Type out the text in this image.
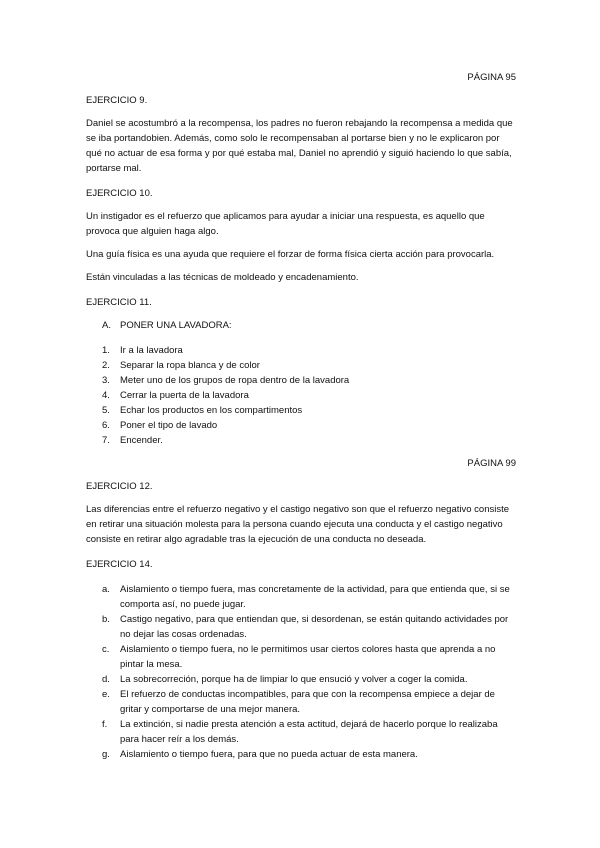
PÁGINA 95

EJERCICIO 9.

Daniel se acostumbró a la recompensa, los padres no fueron rebajando la recompensa a medida que se iba portandobien. Además, como solo le recompensaban al portarse bien y no le explicaron por qué no actuar de esa forma y por qué estaba mal, Daniel no aprendió y siguió haciendo lo que sabía, portarse mal.

EJERCICIO 10.

Un instigador es el refuerzo que aplicamos para ayudar a iniciar una respuesta, es aquello que provoca que alguien haga algo.

Una guía física es una ayuda que requiere el forzar de forma física cierta acción para provocarla.

Están vinculadas a las técnicas de moldeado y encadenamiento.

EJERCICIO 11.

A. PONER UNA LAVADORA:
1.	Ir a la lavadora
2.	Separar la ropa blanca y de color
3.	Meter uno de los grupos de ropa dentro de la lavadora
4.	Cerrar la puerta de la lavadora
5.	Echar los productos en los compartimentos
6.	Poner el tipo de lavado
7.	Encender.

PÁGINA 99

EJERCICIO 12.

Las diferencias entre el refuerzo negativo y el castigo negativo son que el refuerzo negativo consiste en retirar una situación molesta para la persona cuando ejecuta una conducta y el castigo negativo consiste en retirar algo agradable tras la ejecución de una conducta no deseada.

EJERCICIO 14.

a.	Aislamiento o tiempo fuera, mas concretamente de la actividad, para que entienda que, si se comporta así, no puede jugar.
b.	Castigo negativo, para que entiendan que, si desordenan, se están quitando actividades por no dejar las cosas ordenadas.
c.	Aislamiento o tiempo fuera, no le permitimos usar ciertos colores hasta que aprenda a no pintar la mesa.
d.	La sobrecorreción, porque ha de limpiar lo que ensució y volver a coger la comida.
e.	El refuerzo de conductas incompatibles, para que con la recompensa empiece a dejar de gritar y comportarse de una mejor manera.
f.	La extinción, si nadie presta atención a esta actitud, dejará de hacerlo porque lo realizaba para hacer reír a los demás.
g.	Aislamiento o tiempo fuera, para que no pueda actuar de esta manera.
